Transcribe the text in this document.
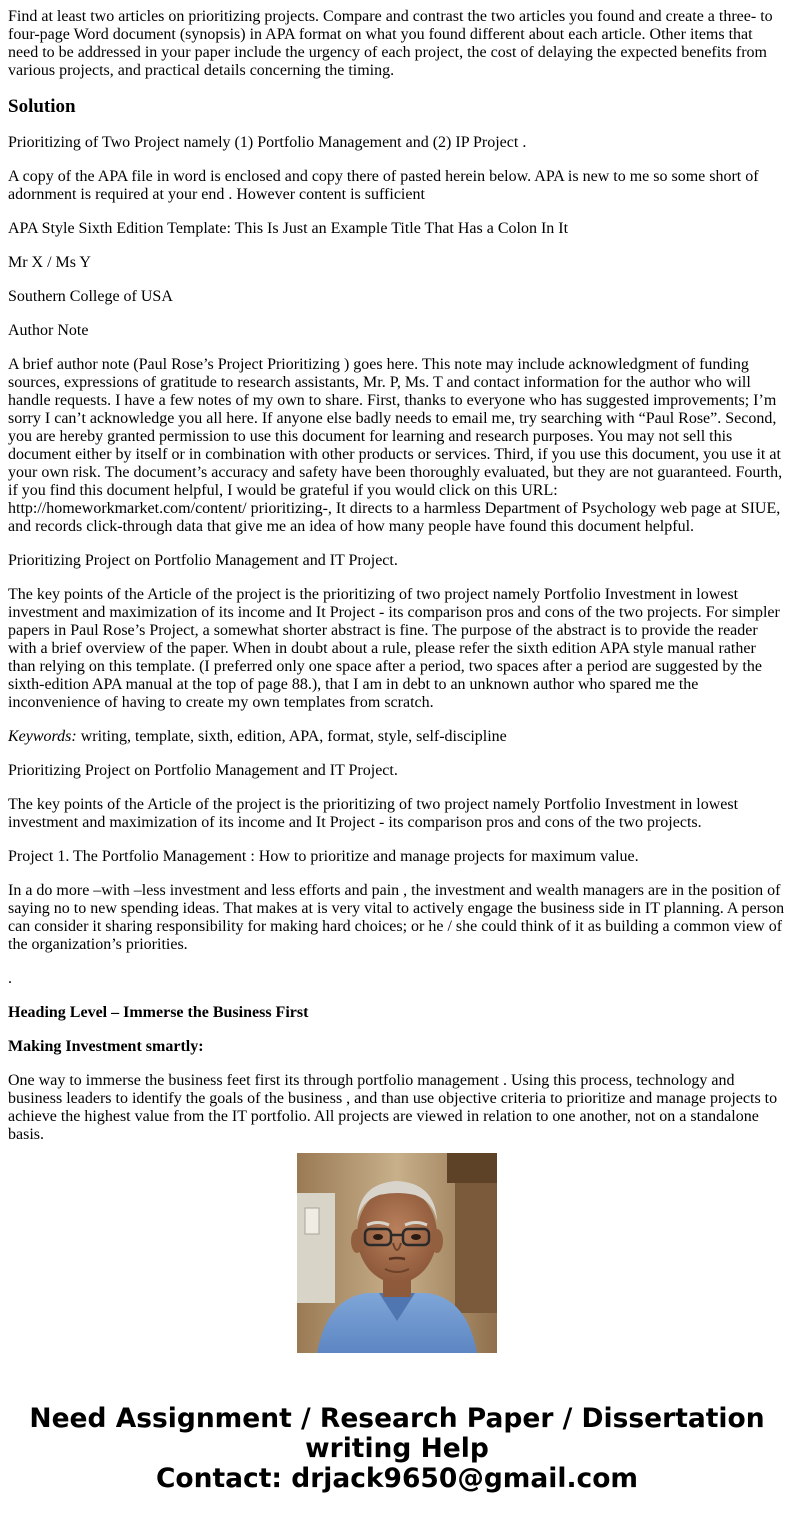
Find at least two articles on prioritizing projects. Compare and contrast the two articles you found and create a three- to four-page Word document (synopsis) in APA format on what you found different about each article. Other items that need to be addressed in your paper include the urgency of each project, the cost of delaying the expected benefits from various projects, and practical details concerning the timing.

Solution

Prioritizing of Two Project namely (1) Portfolio Management and (2) IP Project .

A copy of the APA file in word is enclosed and copy there of pasted herein below. APA is new to me so some short of adornment is required at your end . However content is sufficient

APA Style Sixth Edition Template: This Is Just an Example Title That Has a Colon In It

Mr X / Ms Y

Southern College of USA

Author Note

A brief author note (Paul Rose’s Project Prioritizing ) goes here. This note may include acknowledgment of funding sources, expressions of gratitude to research assistants, Mr. P, Ms. T and contact information for the author who will handle requests. I have a few notes of my own to share. First, thanks to everyone who has suggested improvements; I’m sorry I can’t acknowledge you all here. If anyone else badly needs to email me, try searching with “Paul Rose”. Second, you are hereby granted permission to use this document for learning and research purposes. You may not sell this document either by itself or in combination with other products or services. Third, if you use this document, you use it at your own risk. The document’s accuracy and safety have been thoroughly evaluated, but they are not guaranteed. Fourth, if you find this document helpful, I would be grateful if you would click on this URL: http://homeworkmarket.com/content/ prioritizing-, It directs to a harmless Department of Psychology web page at SIUE, and records click-through data that give me an idea of how many people have found this document helpful.

Prioritizing Project on Portfolio Management and IT Project.

The key points of the Article of the project is the prioritizing of two project namely Portfolio Investment in lowest investment and maximization of its income and It Project - its comparison pros and cons of the two projects. For simpler papers in Paul Rose’s Project, a somewhat shorter abstract is fine. The purpose of the abstract is to provide the reader with a brief overview of the paper. When in doubt about a rule, please refer the sixth edition APA style manual rather than relying on this template. (I preferred only one space after a period, two spaces after a period are suggested by the sixth-edition APA manual at the top of page 88.), that I am in debt to an unknown author who spared me the inconvenience of having to create my own templates from scratch.

Keywords: writing, template, sixth, edition, APA, format, style, self-discipline

Prioritizing Project on Portfolio Management and IT Project.

The key points of the Article of the project is the prioritizing of two project namely Portfolio Investment in lowest investment and maximization of its income and It Project - its comparison pros and cons of the two projects.

Project 1. The Portfolio Management : How to prioritize and manage projects for maximum value.

In a do more –with –less investment and less efforts and pain , the investment and wealth managers are in the position of saying no to new spending ideas. That makes at is very vital to actively engage the business side in IT planning. A person can consider it sharing responsibility for making hard choices; or he / she could think of it as building a common view of the organization’s priorities.

.

Heading Level – Immerse the Business First

Making Investment smartly:

One way to immerse the business feet first its through portfolio management . Using this process, technology and business leaders to identify the goals of the business , and than use objective criteria to prioritize and manage projects to achieve the highest value from the IT portfolio. All projects are viewed in relation to one another, not on a standalone basis.

Need Assignment / Research Paper / Dissertation writing Help
Contact: drjack9650@gmail.com
